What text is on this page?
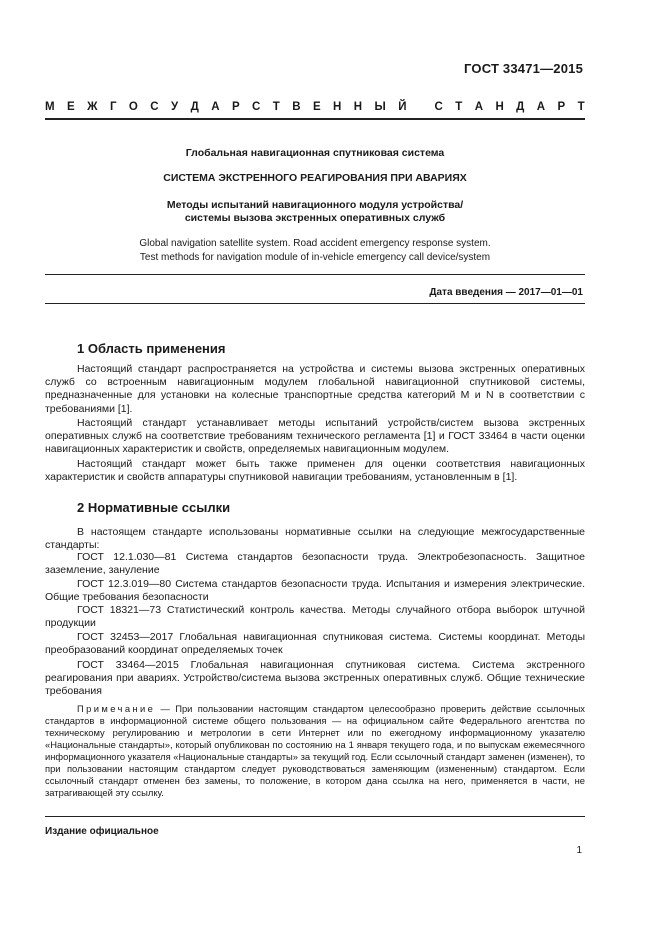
ГОСТ 33471—2015
М Е Ж Г О С У Д А Р С Т В Е Н Н Ы Й
С Т А Н Д А Р Т
Глобальная навигационная спутниковая система
СИСТЕМА ЭКСТРЕННОГО РЕАГИРОВАНИЯ ПРИ АВАРИЯХ
Методы испытаний навигационного модуля устройства/
системы вызова экстренных оперативных служб
Global navigation satellite system. Road accident emergency response system.
Test methods for navigation module of in-vehicle emergency call device/system
Дата введения — 2017—01—01
1 Область применения

Настоящий стандарт распространяется на устройства и системы вызова экстренных оперативных служб со встроенным навигационным модулем глобальной навигационной спутниковой системы, предназначенные для установки на колесные транспортные средства категорий М и N в соответствии с требованиями [1].

Настоящий стандарт устанавливает методы испытаний устройств/систем вызова экстренных оперативных служб на соответствие требованиям технического регламента [1] и ГОСТ 33464 в части оценки навигационных характеристик и свойств, определяемых навигационным модулем.

Настоящий стандарт может быть также применен для оценки соответствия навигационных характеристик и свойств аппаратуры спутниковой навигации требованиям, установленным в [1].

2 Нормативные ссылки

В настоящем стандарте использованы нормативные ссылки на следующие межгосударственные стандарты:

ГОСТ 12.1.030—81 Система стандартов безопасности труда. Электробезопасность. Защитное заземление, зануление

ГОСТ 12.3.019—80 Система стандартов безопасности труда. Испытания и измерения электрические. Общие требования безопасности

ГОСТ 18321—73 Статистический контроль качества. Методы случайного отбора выборок штучной продукции

ГОСТ 32453—2017 Глобальная навигационная спутниковая система. Системы координат. Методы преобразований координат определяемых точек

ГОСТ 33464—2015 Глобальная навигационная спутниковая система. Система экстренного реагирования при авариях. Устройство/система вызова экстренных оперативных служб. Общие технические требования

Примечание — При пользовании настоящим стандартом целесообразно проверить действие ссылочных стандартов в информационной системе общего пользования — на официальном сайте Федерального агентства по техническому регулированию и метрологии в сети Интернет или по ежегодному информационному указателю «Национальные стандарты», который опубликован по состоянию на 1 января текущего года, и по выпускам ежемесячного информационного указателя «Национальные стандарты» за текущий год. Если ссылочный стандарт заменен (изменен), то при пользовании настоящим стандартом следует руководствоваться заменяющим (измененным) стандартом. Если ссылочный стандарт отменен без замены, то положение, в котором дана ссылка на него, применяется в части, не затрагивающей эту ссылку.

Издание официальное
1
